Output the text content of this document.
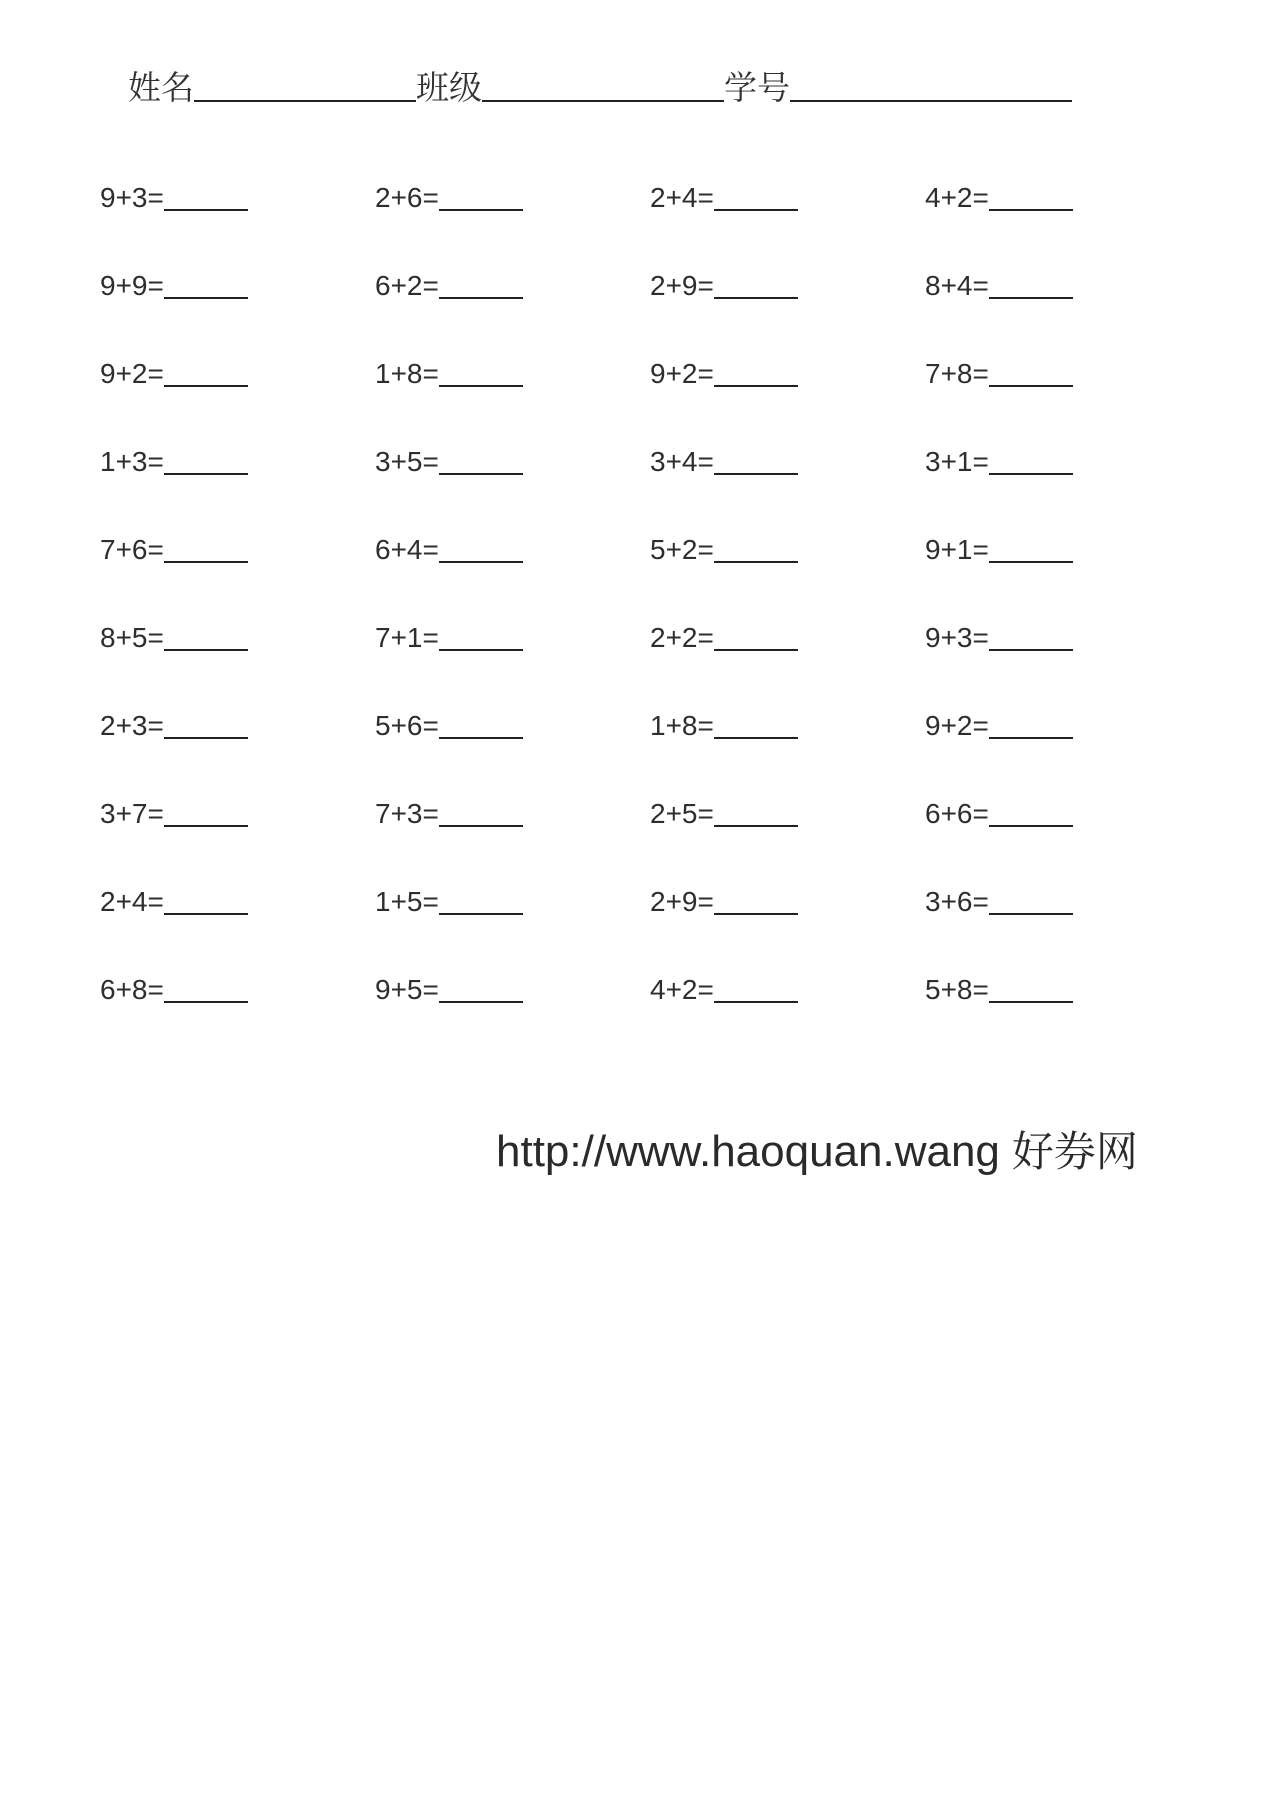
姓名	班级	学号
9+3=	2+6=	2+4=	4+2=
9+9=	6+2=	2+9=	8+4=
9+2=	1+8=	9+2=	7+8=
1+3=	3+5=	3+4=	3+1=
7+6=	6+4=	5+2=	9+1=
8+5=	7+1=	2+2=	9+3=
2+3=	5+6=	1+8=	9+2=
3+7=	7+3=	2+5=	6+6=
2+4=	1+5=	2+9=	3+6=
6+8=	9+5=	4+2=	5+8=
http://www.haoquan.wang 好券网
